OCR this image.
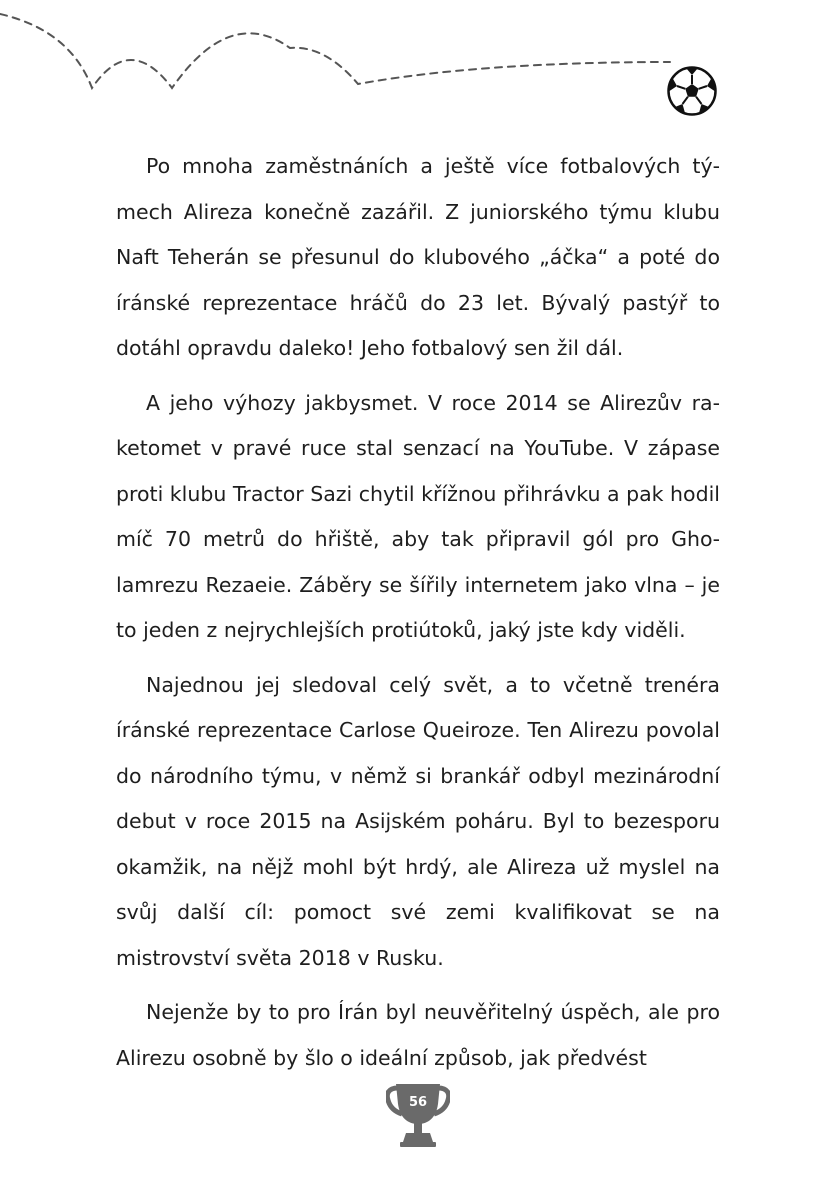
Po mnoha zaměstnáních a ještě více fotbalových týmech Alireza konečně zazářil. Z juniorského týmu klubu Naft Teherán se přesunul do klubového „áčka“ a poté do íránské reprezentace hráčů do 23 let. Bývalý pastýř to dotáhl opravdu daleko! Jeho fotbalový sen žil dál.

A jeho výhozy jakbysmet. V roce 2014 se Alirezův raketomet v pravé ruce stal senzací na YouTube. V zápase proti klubu Tractor Sazi chytil křížnou přihrávku a pak hodil míč 70 metrů do hřiště, aby tak připravil gól pro Gholamrezu Rezaeie. Záběry se šířily internetem jako vlna – je to jeden z nejrychlejších protiútoků, jaký jste kdy viděli.

Najednou jej sledoval celý svět, a to včetně trenéra íránské reprezentace Carlose Queiroze. Ten Alirezu povolal do národního týmu, v němž si brankář odbyl mezinárodní debut v roce 2015 na Asijském poháru. Byl to bezesporu okamžik, na nějž mohl být hrdý, ale Alireza už myslel na svůj další cíl: pomoct své zemi kvalifikovat se na mistrovství světa 2018 v Rusku.

Nejenže by to pro Írán byl neuvěřitelný úspěch, ale pro Alirezu osobně by šlo o ideální způsob, jak předvést

56
